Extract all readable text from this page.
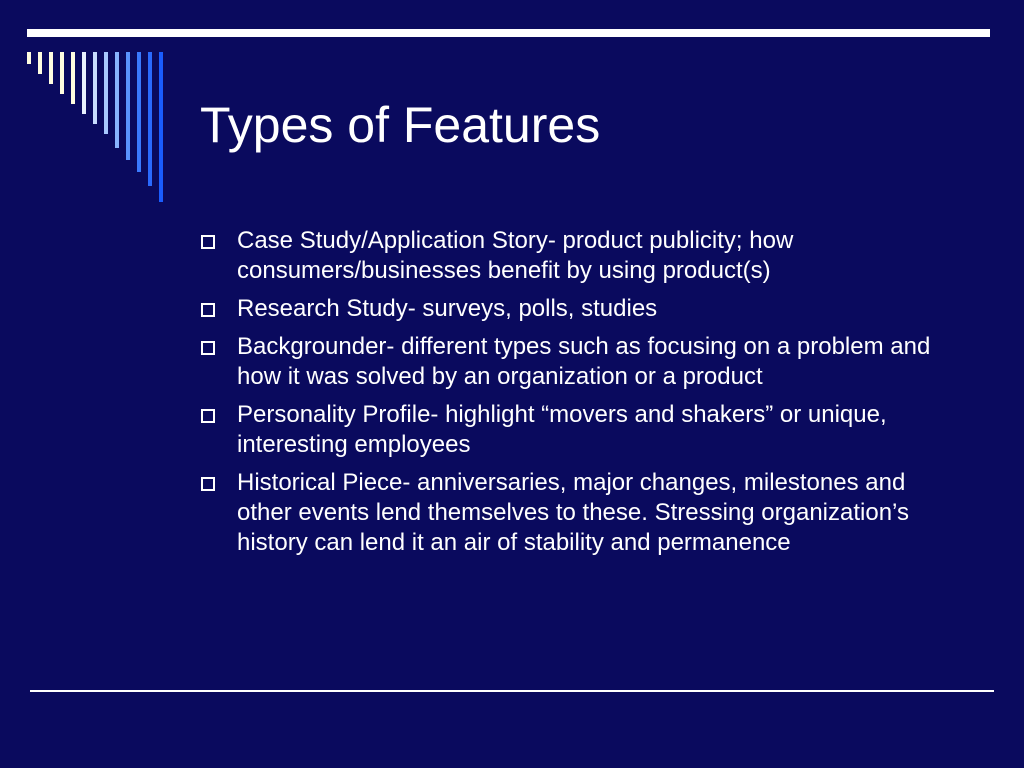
Types of Features
Case Study/Application Story- product publicity; how consumers/businesses benefit by using product(s)
Research Study- surveys, polls, studies
Backgrounder- different types such as focusing on a problem and how it was solved by an organization or a product
Personality Profile- highlight “movers and shakers” or unique, interesting employees
Historical Piece- anniversaries, major changes, milestones and other events lend themselves to these. Stressing organization’s history can lend it an air of stability and permanence
